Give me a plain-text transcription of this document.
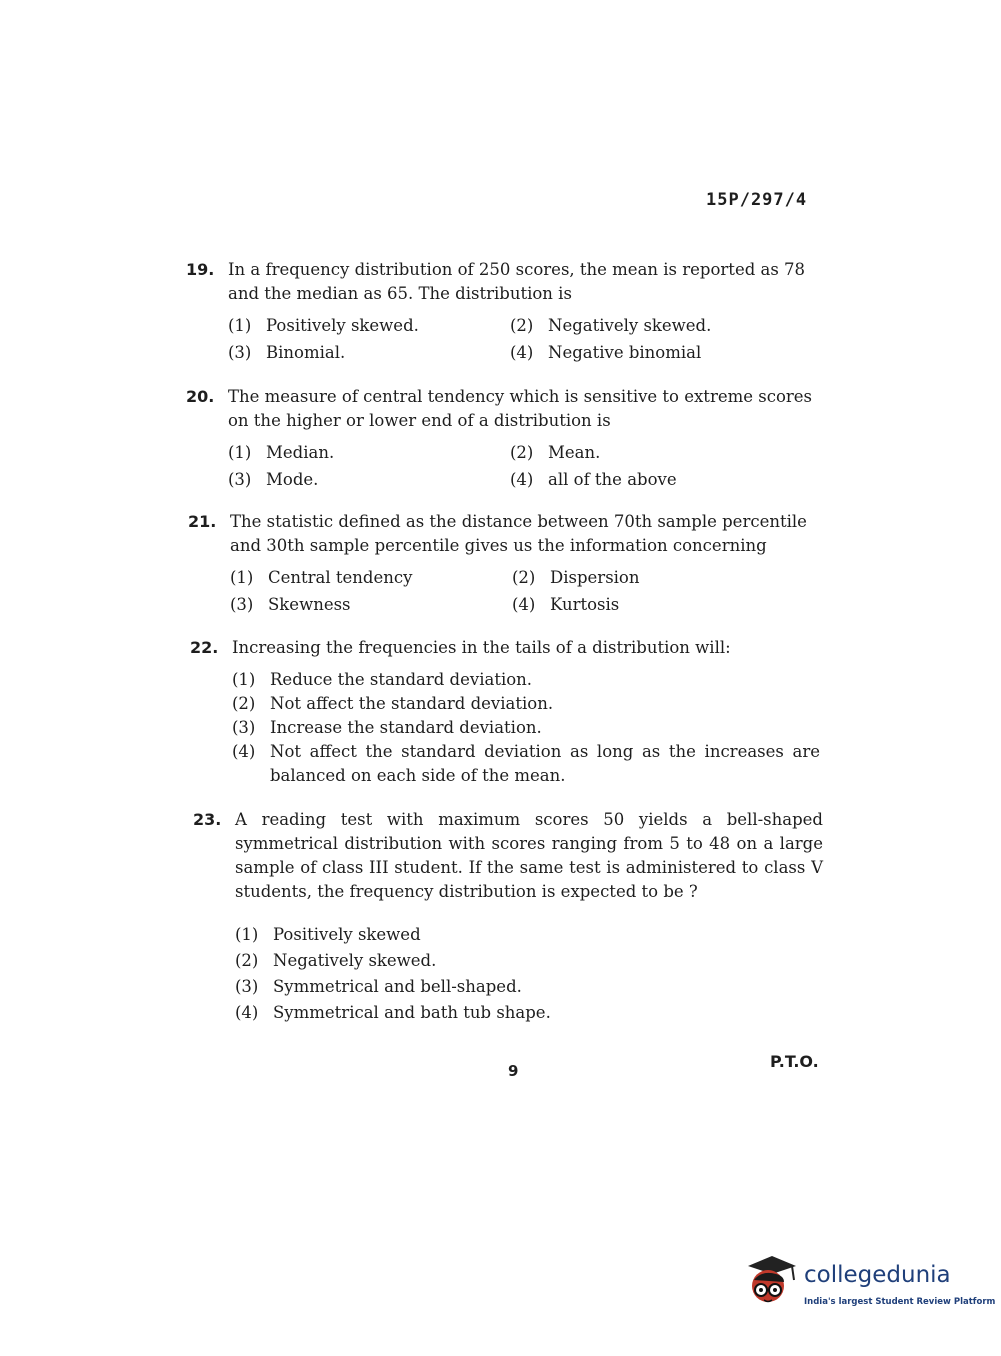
15P/297/4
19. In a frequency distribution of 250 scores, the mean is reported as 78 and the median as 65. The distribution is
(1) Positively skewed.	(2) Negatively skewed.
(3) Binomial.	(4) Negative binomial
20. The measure of central tendency which is sensitive to extreme scores on the higher or lower end of a distribution is
(1) Median.	(2) Mean.
(3) Mode.	(4) all of the above
21. The statistic defined as the distance between 70th sample percentile and 30th sample percentile gives us the information concerning
(1) Central tendency	(2) Dispersion
(3) Skewness	(4) Kurtosis
22. Increasing the frequencies in the tails of a distribution will:
(1) Reduce the standard deviation.
(2) Not affect the standard deviation.
(3) Increase the standard deviation.
(4) Not affect the standard deviation as long as the increases are balanced on each side of the mean.
23. A reading test with maximum scores 50 yields a bell-shaped symmetrical distribution with scores ranging from 5 to 48 on a large sample of class III student. If the same test is administered to class V students, the frequency distribution is expected to be ?
(1) Positively skewed
(2) Negatively skewed.
(3) Symmetrical and bell-shaped.
(4) Symmetrical and bath tub shape.
9	P.T.O.
collegedunia
India's largest Student Review Platform
